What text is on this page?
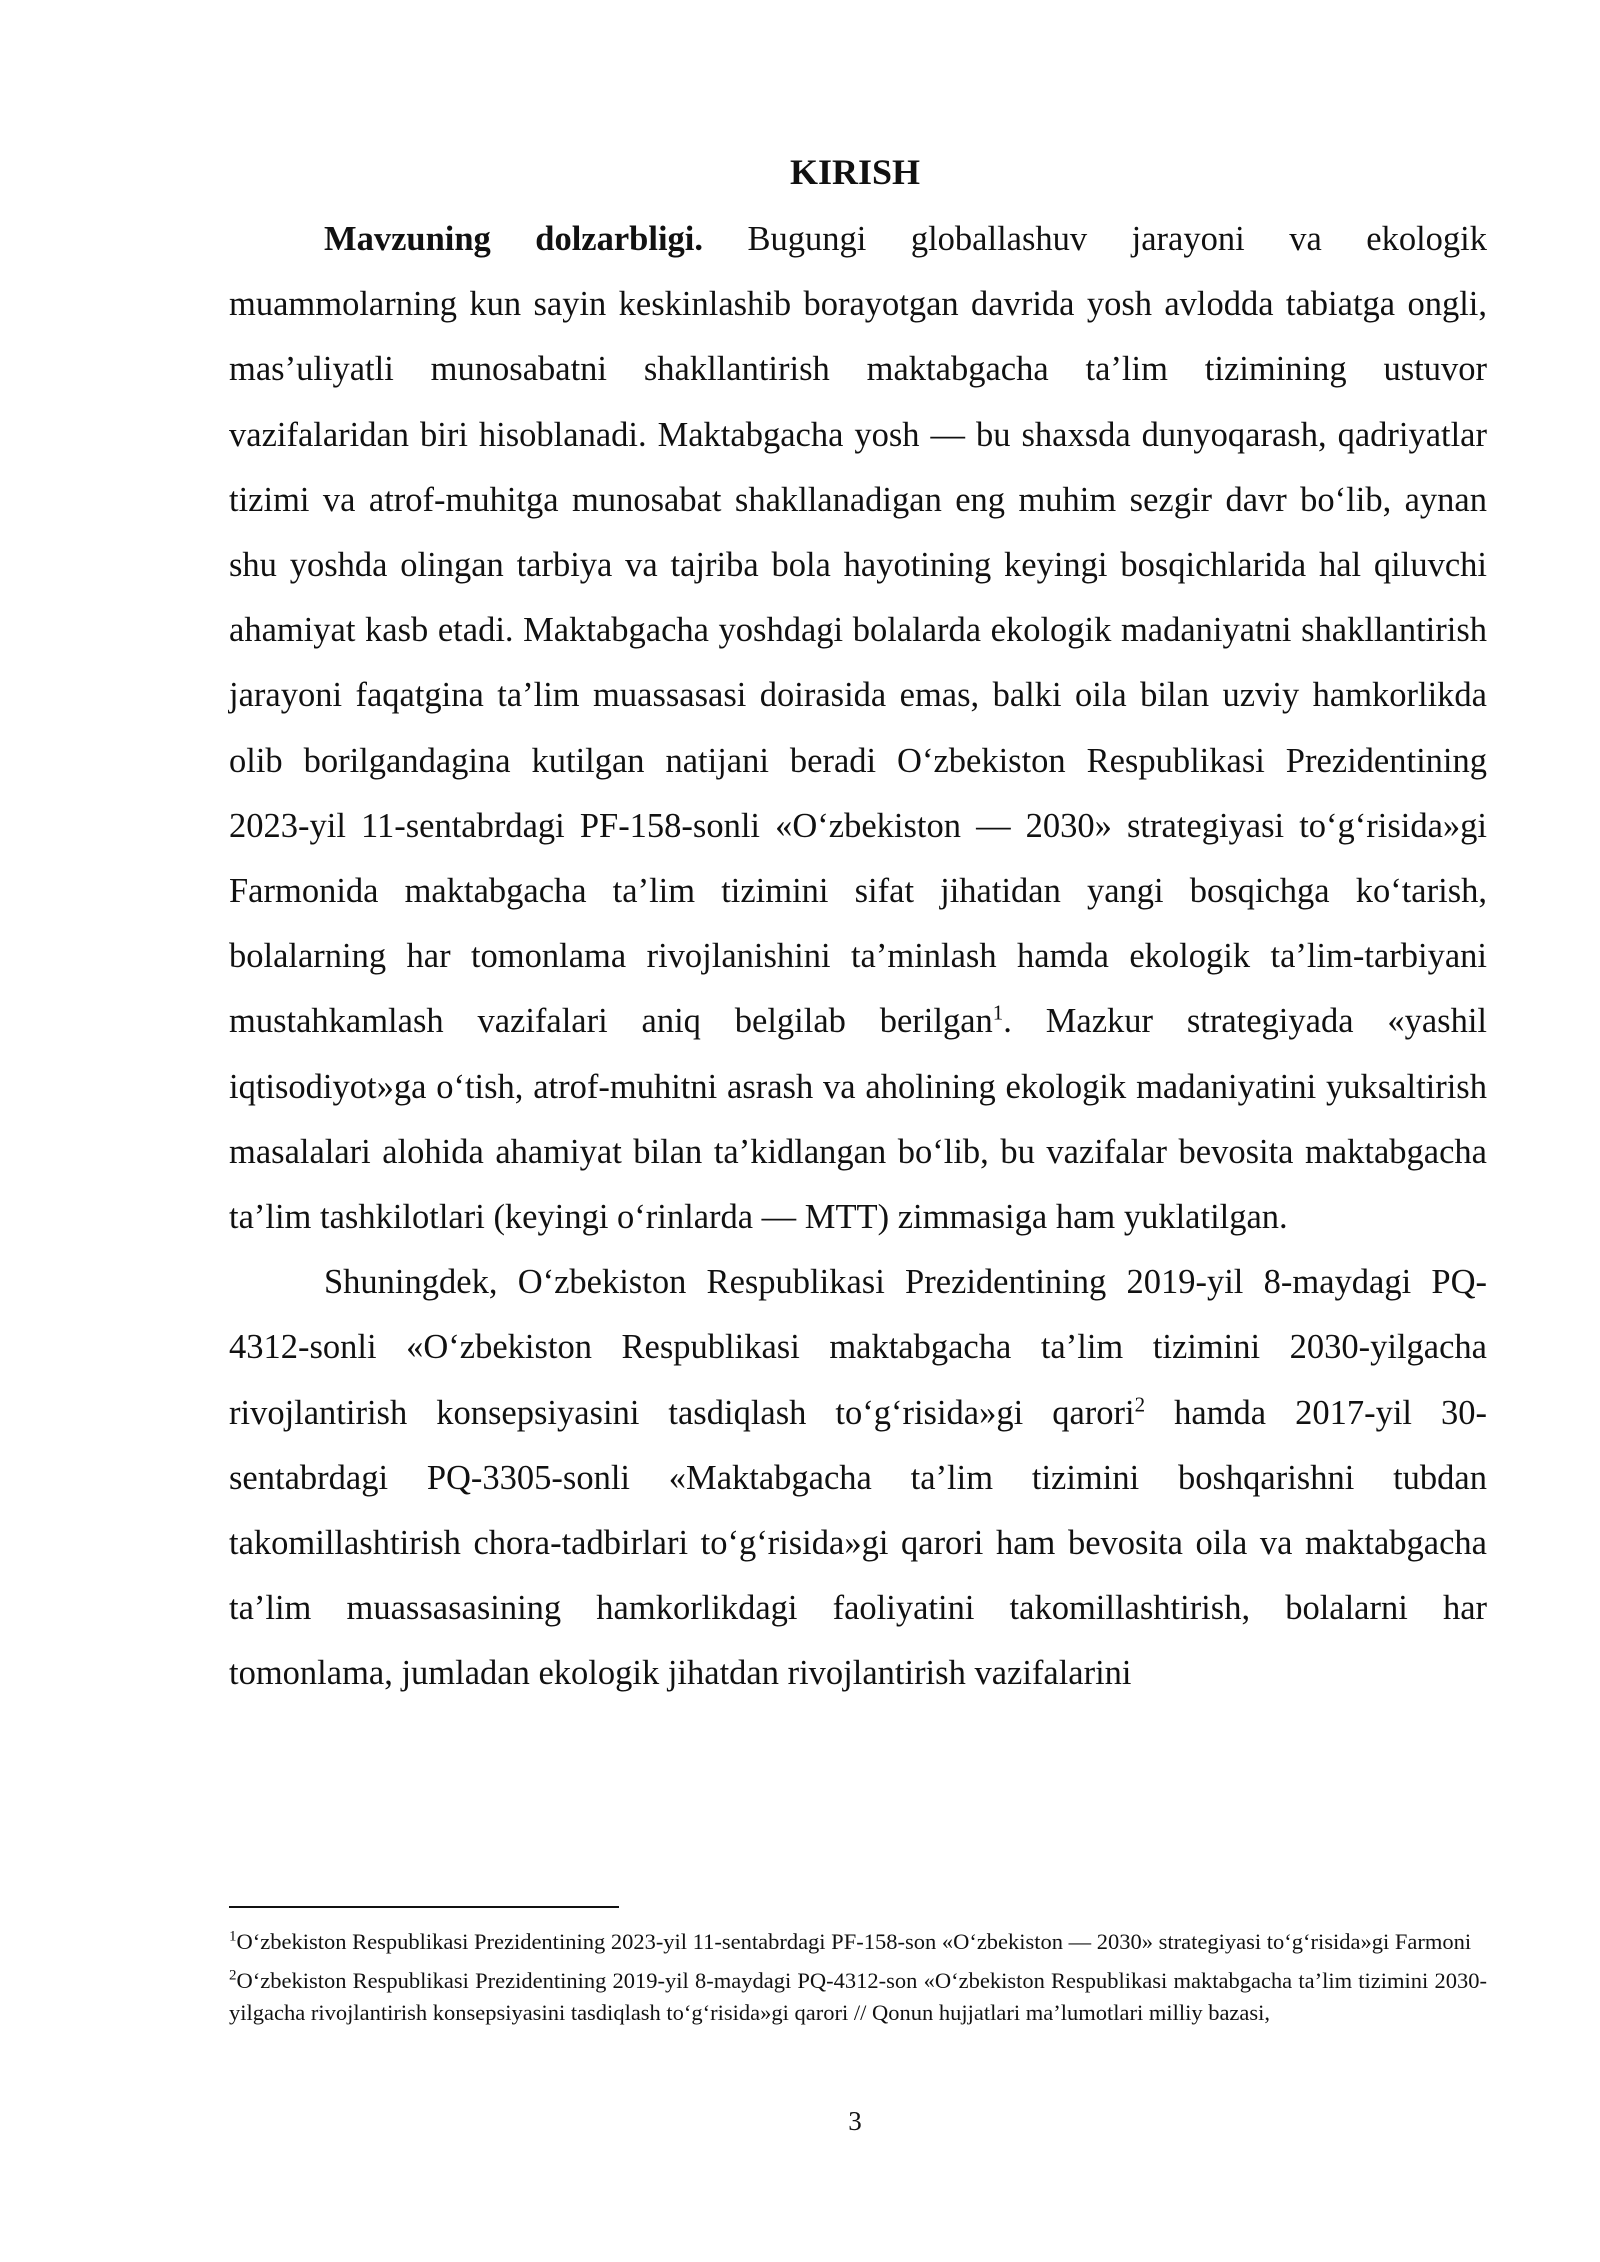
KIRISH

Mavzuning dolzarbligi. Bugungi globallashuv jarayoni va ekologik muammolarning kun sayin keskinlashib borayotgan davrida yosh avlodda tabiatga ongli, mas’uliyatli munosabatni shakllantirish maktabgacha ta’lim tizimining ustuvor vazifalaridan biri hisoblanadi. Maktabgacha yosh — bu shaxsda dunyoqarash, qadriyatlar tizimi va atrof-muhitga munosabat shakllanadigan eng muhim sezgir davr bo‘lib, aynan shu yoshda olingan tarbiya va tajriba bola hayotining keyingi bosqichlarida hal qiluvchi ahamiyat kasb etadi. Maktabgacha yoshdagi bolalarda ekologik madaniyatni shakllantirish jarayoni faqatgina ta’lim muassasasi doirasida emas, balki oila bilan uzviy hamkorlikda olib borilgandagina kutilgan natijani beradi O‘zbekiston Respublikasi Prezidentining 2023-yil 11-sentabrdagi PF-158-sonli «O‘zbekiston — 2030» strategiyasi to‘g‘risida»gi Farmonida maktabgacha ta’lim tizimini sifat jihatidan yangi bosqichga ko‘tarish, bolalarning har tomonlama rivojlanishini ta’minlash hamda ekologik ta’lim-tarbiyani mustahkamlash vazifalari aniq belgilab berilgan$^1$. Mazkur strategiyada «yashil iqtisodiyot»ga o‘tish, atrof-muhitni asrash va aholining ekologik madaniyatini yuksaltirish masalalari alohida ahamiyat bilan ta’kidlangan bo‘lib, bu vazifalar bevosita maktabgacha ta’lim tashkilotlari (keyingi o‘rinlarda — MTT) zimmasiga ham yuklatilgan.

Shuningdek, O‘zbekiston Respublikasi Prezidentining 2019-yil 8-maydagi PQ-4312-sonli «O‘zbekiston Respublikasi maktabgacha ta’lim tizimini 2030-yilgacha rivojlantirish konsepsiyasini tasdiqlash to‘g‘risida»gi qarori$^2$ hamda 2017-yil 30-sentabrdagi PQ-3305-sonli «Maktabgacha ta’lim tizimini boshqarishni tubdan takomillashtirish chora-tadbirlari to‘g‘risida»gi qarori ham bevosita oila va maktabgacha ta’lim muassasasining hamkorlikdagi faoliyatini takomillashtirish, bolalarni har tomonlama, jumladan ekologik jihatdan rivojlantirish vazifalarini

$^1$O‘zbekiston Respublikasi Prezidentining 2023-yil 11-sentabrdagi PF-158-son «O‘zbekiston — 2030» strategiyasi to‘g‘risida»gi Farmoni

$^2$O‘zbekiston Respublikasi Prezidentining 2019-yil 8-maydagi PQ-4312-son «O‘zbekiston Respublikasi maktabgacha ta’lim tizimini 2030-yilgacha rivojlantirish konsepsiyasini tasdiqlash to‘g‘risida»gi qarori // Qonun hujjatlari ma’lumotlari milliy bazasi,

3
